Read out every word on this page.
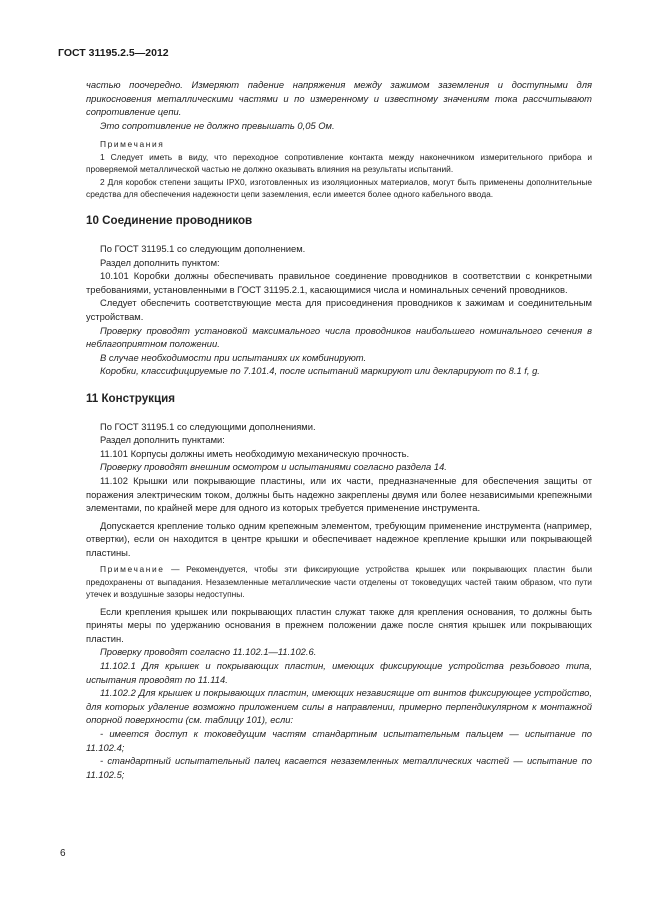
ГОСТ 31195.2.5—2012

частью поочередно. Измеряют падение напряжения между зажимом заземления и доступными для прикосновения металлическими частями и по измеренному и известному значениям тока рассчитывают сопротивление цепи.

Это сопротивление не должно превышать 0,05 Ом.

Примечания

1 Следует иметь в виду, что переходное сопротивление контакта между наконечником измерительного прибора и проверяемой металлической частью не должно оказывать влияния на результаты испытаний.

2 Для коробок степени защиты IPX0, изготовленных из изоляционных материалов, могут быть применены дополнительные средства для обеспечения надежности цепи заземления, если имеется более одного кабельного ввода.

10 Соединение проводников

По ГОСТ 31195.1 со следующим дополнением.

Раздел дополнить пунктом:

10.101 Коробки должны обеспечивать правильное соединение проводников в соответствии с конкретными требованиями, установленными в ГОСТ 31195.2.1, касающимися числа и номинальных сечений проводников.

Следует обеспечить соответствующие места для присоединения проводников к зажимам и соединительным устройствам.

Проверку проводят установкой максимального числа проводников наибольшего номинального сечения в неблагоприятном положении.

В случае необходимости при испытаниях их комбинируют.

Коробки, классифицируемые по 7.101.4, после испытаний маркируют или декларируют по 8.1 f, g.

11 Конструкция

По ГОСТ 31195.1 со следующими дополнениями.

Раздел дополнить пунктами:

11.101 Корпусы должны иметь необходимую механическую прочность.

Проверку проводят внешним осмотром и испытаниями согласно раздела 14.

11.102 Крышки или покрывающие пластины, или их части, предназначенные для обеспечения защиты от поражения электрическим током, должны быть надежно закреплены двумя или более независимыми крепежными элементами, по крайней мере для одного из которых требуется применение инструмента.

Допускается крепление только одним крепежным элементом, требующим применение инструмента (например, отвертки), если он находится в центре крышки и обеспечивает надежное крепление крышки или покрывающей пластины.

Примечание — Рекомендуется, чтобы эти фиксирующие устройства крышек или покрывающих пластин были предохранены от выпадания. Незаземленные металлические части отделены от токоведущих частей таким образом, что пути утечек и воздушные зазоры недоступны.

Если крепления крышек или покрывающих пластин служат также для крепления основания, то должны быть приняты меры по удержанию основания в прежнем положении даже после снятия крышек или покрывающих пластин.

Проверку проводят согласно 11.102.1—11.102.6.

11.102.1 Для крышек и покрывающих пластин, имеющих фиксирующие устройства резьбового типа, испытания проводят по 11.114.

11.102.2 Для крышек и покрывающих пластин, имеющих независящие от винтов фиксирующее устройство, для которых удаление возможно приложением силы в направлении, примерно перпендикулярном к монтажной опорной поверхности (см. таблицу 101), если:

- имеется доступ к токоведущим частям стандартным испытательным пальцем — испытание по 11.102.4;

- стандартный испытательный палец касается незаземленных металлических частей — испытание по 11.102.5;

6
